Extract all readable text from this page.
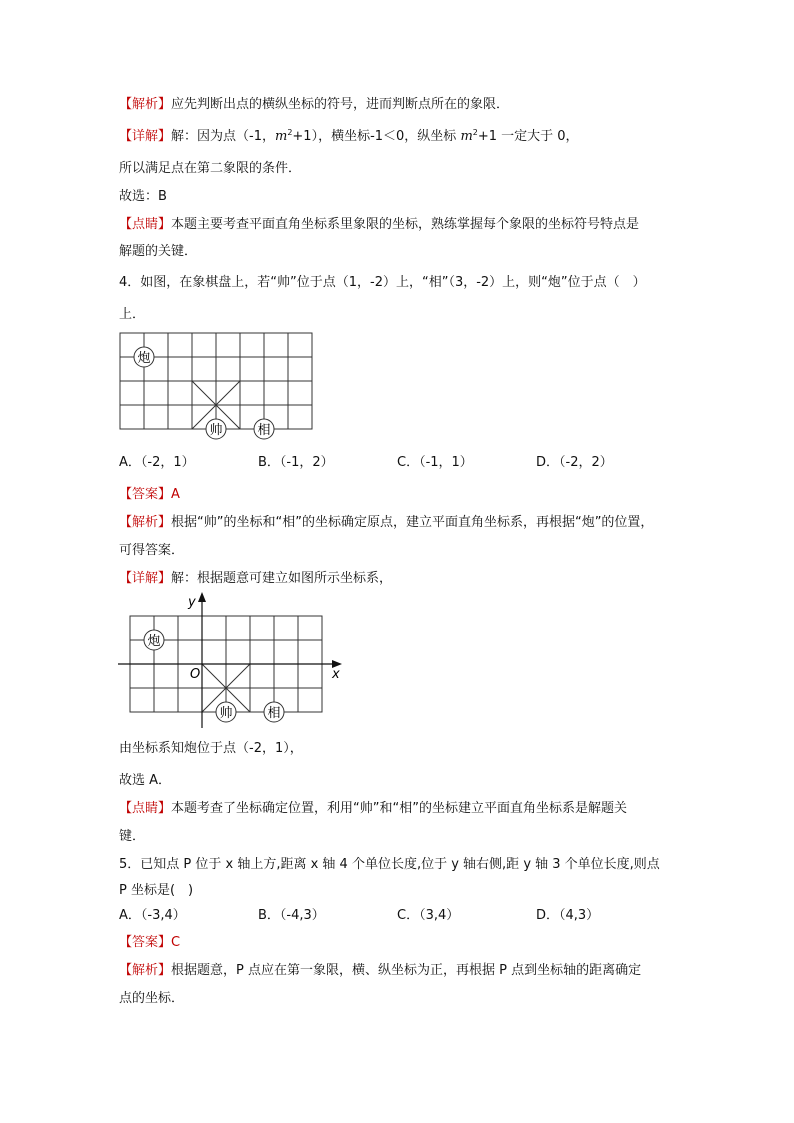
【解析】应先判断出点的横纵坐标的符号，进而判断点所在的象限．
【详解】解：因为点（-1，$m^2+1$），横坐标-1＜0，纵坐标 $m^2+1$ 一定大于 0，
所以满足点在第二象限的条件．
故选：B
【点睛】本题主要考查平面直角坐标系里象限的坐标，熟练掌握每个象限的坐标符号特点是
解题的关键．
4．如图，在象棋盘上，若“帅”位于点（1，-2）上，“相”（3，-2）上，则“炮”位于点（　）
上．
炮
帅	相
A．（-2，1）	B．（-1，2）	C．（-1，1）	D．（-2，2）
【答案】A
【解析】根据“帅”的坐标和“相”的坐标确定原点，建立平面直角坐标系，再根据“炮”的位置，
可得答案．
【详解】解：根据题意可建立如图所示坐标系，
x
y
O
炮
帅	相
由坐标系知炮位于点（-2，1），
故选 A．
【点睛】本题考查了坐标确定位置，利用“帅”和“相”的坐标建立平面直角坐标系是解题关
键．
5．已知点 P 位于 x 轴上方,距离 x 轴 4 个单位长度,位于 y 轴右侧,距 y 轴 3 个单位长度,则点
P 坐标是(　)
A．（-3,4）	B．（-4,3）	C．（3,4）	D．（4,3）
【答案】C
【解析】根据题意，P 点应在第一象限，横、纵坐标为正，再根据 P 点到坐标轴的距离确定
点的坐标．
